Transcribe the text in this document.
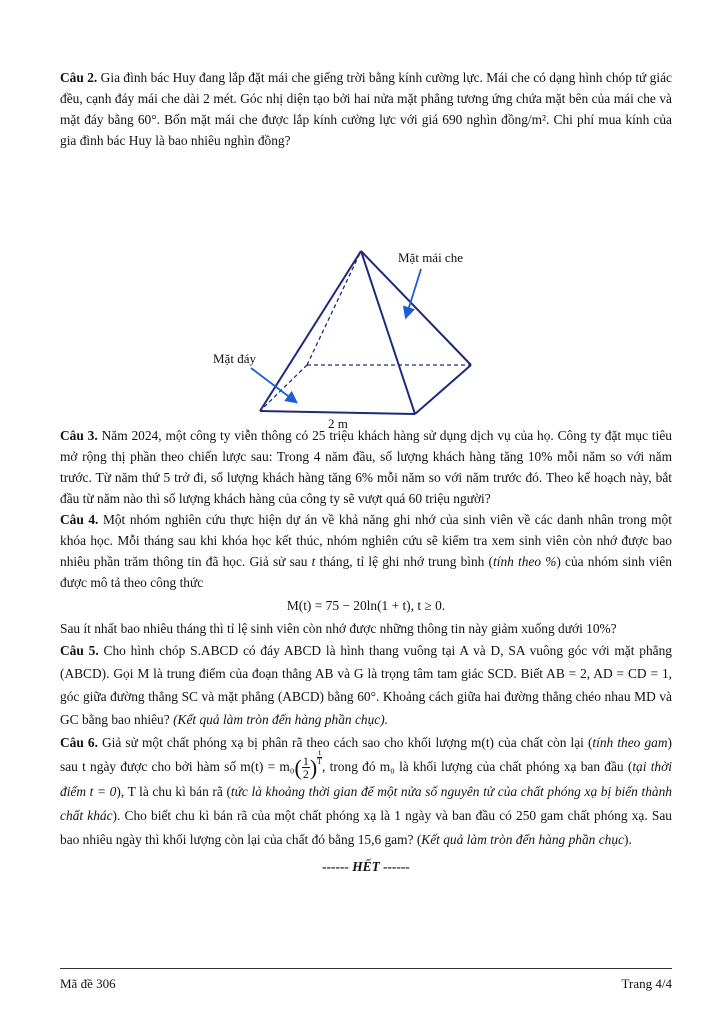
Câu 2. Gia đình bác Huy đang lắp đặt mái che giếng trời bằng kính cường lực. Mái che có dạng hình chóp tứ giác đều, cạnh đáy mái che dài 2 mét. Góc nhị diện tạo bởi hai nửa mặt phẳng tương ứng chứa mặt bên của mái che và mặt đáy bằng 60°. Bốn mặt mái che được lắp kính cường lực với giá 690 nghìn đồng/m². Chi phí mua kính của gia đình bác Huy là bao nhiêu nghìn đồng?

Mặt mái che
Mặt đáy
2 m

Câu 3. Năm 2024, một công ty viễn thông có 25 triệu khách hàng sử dụng dịch vụ của họ. Công ty đặt mục tiêu mở rộng thị phần theo chiến lược sau: Trong 4 năm đầu, số lượng khách hàng tăng 10% mỗi năm so với năm trước. Từ năm thứ 5 trở đi, số lượng khách hàng tăng 6% mỗi năm so với năm trước đó. Theo kế hoạch này, bắt đầu từ năm nào thì số lượng khách hàng của công ty sẽ vượt quá 60 triệu người?

Câu 4. Một nhóm nghiên cứu thực hiện dự án về khả năng ghi nhớ của sinh viên về các danh nhân trong một khóa học. Mỗi tháng sau khi khóa học kết thúc, nhóm nghiên cứu sẽ kiểm tra xem sinh viên còn nhớ được bao nhiêu phần trăm thông tin đã học. Giả sử sau t tháng, tỉ lệ ghi nhớ trung bình (tính theo %) của nhóm sinh viên được mô tả theo công thức

M(t) = 75 − 20ln(1 + t), t ≥ 0.

Sau ít nhất bao nhiêu tháng thì tỉ lệ sinh viên còn nhớ được những thông tin này giảm xuống dưới 10%?

Câu 5. Cho hình chóp S.ABCD có đáy ABCD là hình thang vuông tại A và D, SA vuông góc với mặt phẳng (ABCD). Gọi M là trung điểm của đoạn thẳng AB và G là trọng tâm tam giác SCD. Biết AB = 2, AD = CD = 1, góc giữa đường thẳng SC và mặt phẳng (ABCD) bằng 60°. Khoảng cách giữa hai đường thẳng chéo nhau MD và GC bằng bao nhiêu? (Kết quả làm tròn đến hàng phần chục).

Câu 6. Giả sử một chất phóng xạ bị phân rã theo cách sao cho khối lượng m(t) của chất còn lại (tính theo gam) sau t ngày được cho bởi hàm số $m(t) = m_0( \frac{1}{2}$ ) $\frac{t}{T}$
, trong đó m₀ là khối lượng của chất phóng xạ ban đầu (tại thời điểm t = 0), T là chu kì bán rã (tức là khoảng thời gian để một nửa số nguyên tử của chất phóng xạ bị biến thành chất khác). Cho biết chu kì bán rã của một chất phóng xạ là 1 ngày và ban đầu có 250 gam chất phóng xạ. Sau bao nhiêu ngày thì khối lượng còn lại của chất đó bằng 15,6 gam? (Kết quả làm tròn đến hàng phần chục).

------ HẾT ------

Mã đề 306	Trang 4/4
